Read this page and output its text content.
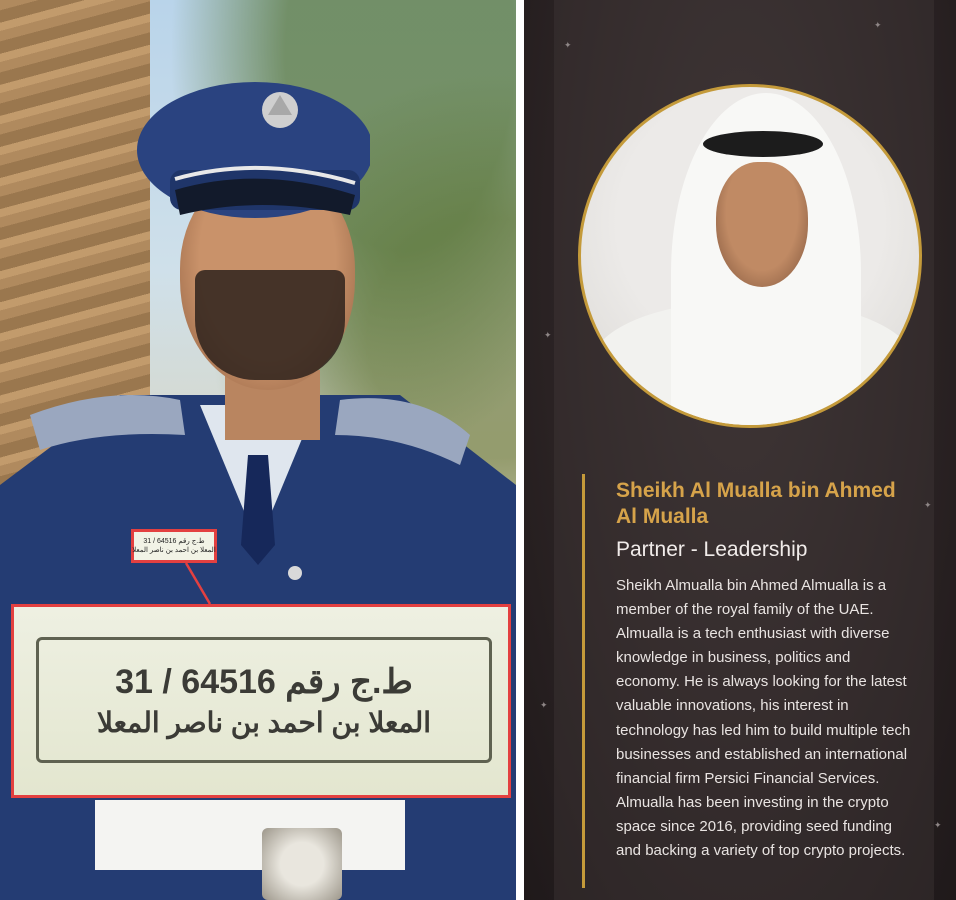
ط.ج رقم 64516 / 31
المعلا بن احمد بن ناصر المعلا
ط.ج رقم 64516 / 31
المعلا بن احمد بن ناصر المعلا
✦
✦
✦
✦
✦
✦
Sheikh Al Mualla bin Ahmed Al Mualla
Partner - Leadership
Sheikh Almualla bin Ahmed Almualla is a member of the royal family of the UAE. Almualla is a tech enthusiast with diverse knowledge in business, politics and economy. He is always looking for the latest valuable innovations, his interest in technology has led him to build multiple tech businesses and established an international financial firm Persici Financial Services. Almualla has been investing in the crypto space since 2016, providing seed funding and backing a variety of top crypto projects.
